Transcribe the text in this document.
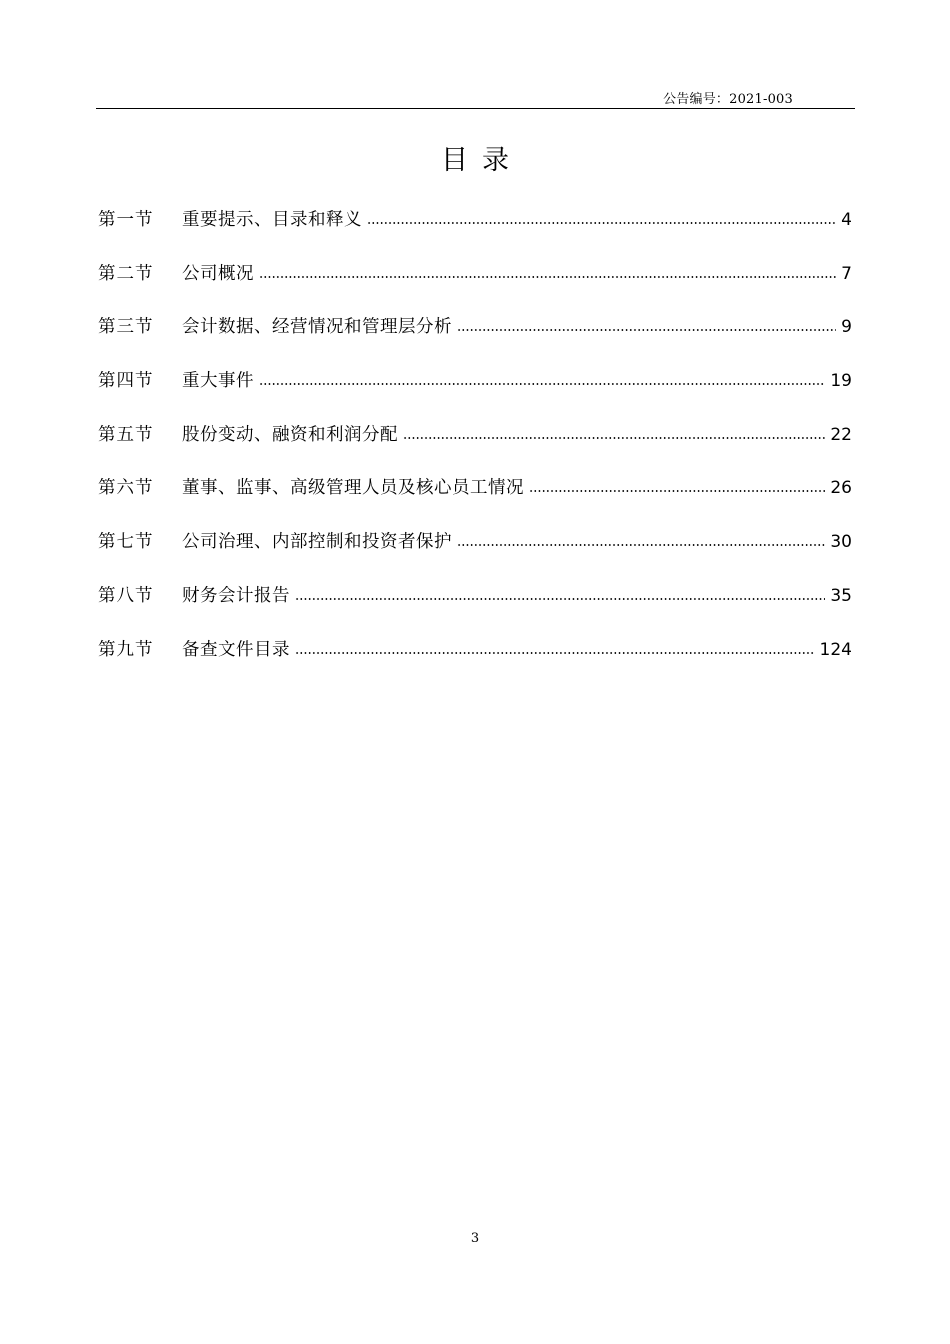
公告编号：2021-003
目录
第一节	重要提示、目录和释义	4
第二节	公司概况	7
第三节	会计数据、经营情况和管理层分析	9
第四节	重大事件	19
第五节	股份变动、融资和利润分配	22
第六节	董事、监事、高级管理人员及核心员工情况	26
第七节	公司治理、内部控制和投资者保护	30
第八节	财务会计报告	35
第九节	备查文件目录	124
3
